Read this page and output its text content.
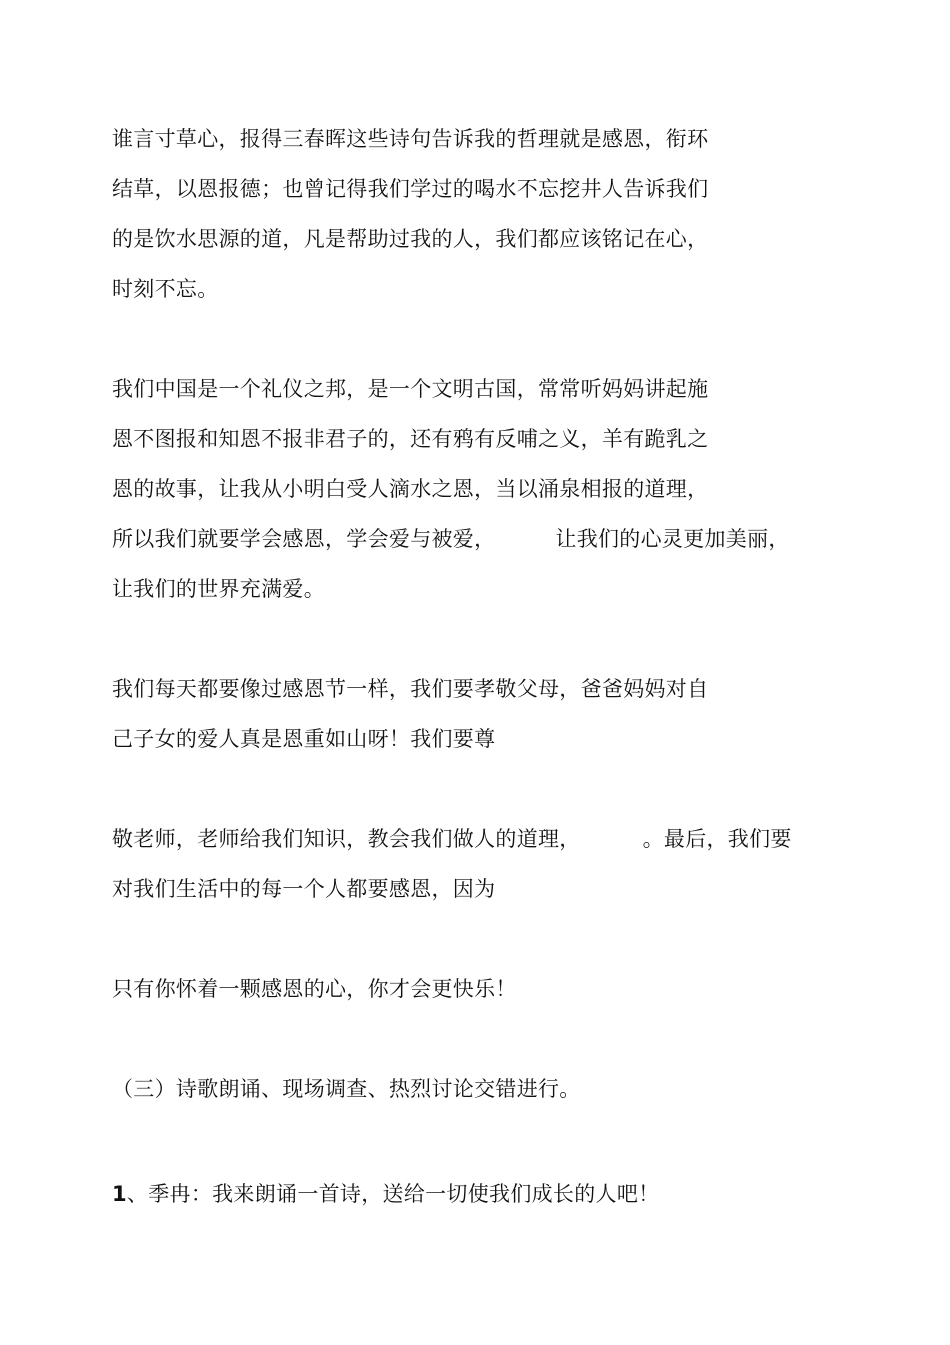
谁言寸草心，报得三春晖这些诗句告诉我的哲理就是感恩，衔环
结草，以恩报德；也曾记得我们学过的喝水不忘挖井人告诉我们
的是饮水思源的道，凡是帮助过我的人，我们都应该铭记在心，
时刻不忘。
我们中国是一个礼仪之邦，是一个文明古国，常常听妈妈讲起施
恩不图报和知恩不报非君子的，还有鸦有反哺之义，羊有跪乳之
恩的故事，让我从小明白受人滴水之恩，当以涌泉相报的道理，
所以我们就要学会感恩，学会爱与被爱，	让我们的心灵更加美丽，
让我们的世界充满爱。
我们每天都要像过感恩节一样，我们要孝敬父母，爸爸妈妈对自
己子女的爱人真是恩重如山呀！我们要尊
敬老师，老师给我们知识，教会我们做人的道理，	。最后，我们要
对我们生活中的每一个人都要感恩，因为
只有你怀着一颗感恩的心，你才会更快乐！
（三）诗歌朗诵、现场调查、热烈讨论交错进行。
1、季冉：我来朗诵一首诗，送给一切使我们成长的人吧！
